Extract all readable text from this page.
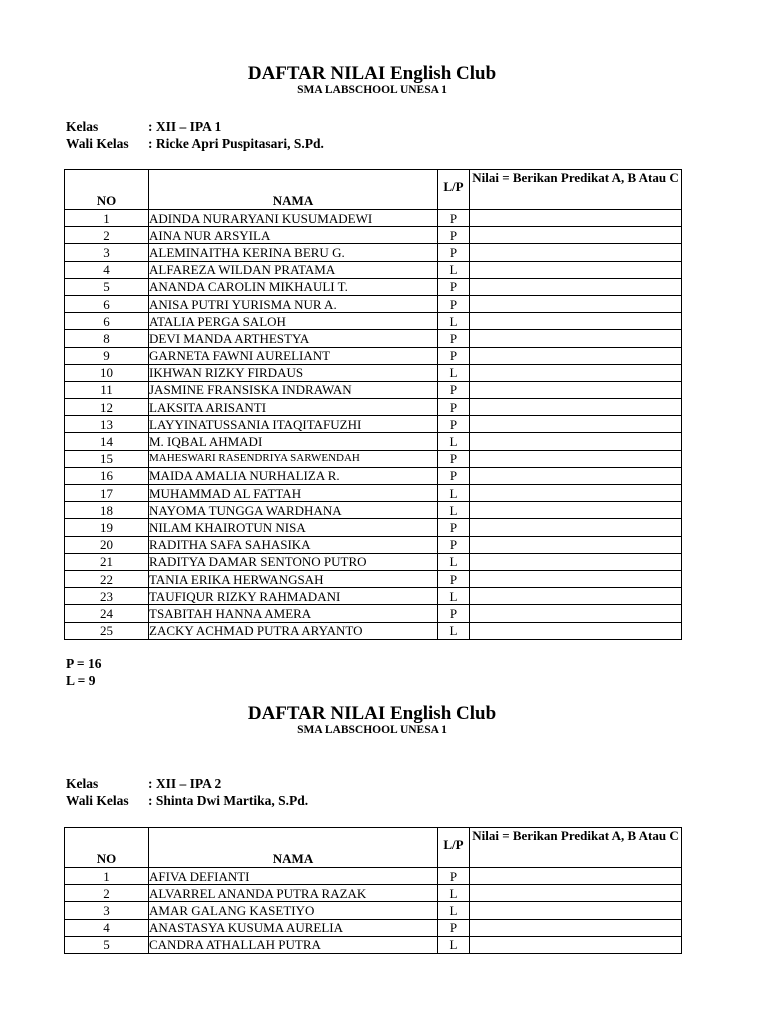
DAFTAR NILAI English Club
SMA LABSCHOOL UNESA 1
Kelas	: XII – IPA 1
Wali Kelas	: Ricke Apri Puspitasari, S.Pd.
NO	NAMA	L/P	Nilai = Berikan Predikat A, B Atau C
1	ADINDA NURARYANI KUSUMADEWI	P	
2	AINA NUR ARSYILA	P	
3	ALEMINAITHA KERINA BERU G.	P	
4	ALFAREZA WILDAN PRATAMA	L	
5	ANANDA CAROLIN MIKHAULI T.	P	
6	ANISA PUTRI YURISMA NUR A.	P	
6	ATALIA PERGA SALOH	L	
8	DEVI MANDA ARTHESTYA	P	
9	GARNETA FAWNI AURELIANT	P	
10	IKHWAN RIZKY FIRDAUS	L	
11	JASMINE FRANSISKA INDRAWAN	P	
12	LAKSITA ARISANTI	P	
13	LAYYINATUSSANIA ITAQITAFUZHI	P	
14	M. IQBAL AHMADI	L	
15	MAHESWARI RASENDRIYA SARWENDAH	P	
16	MAIDA AMALIA NURHALIZA R.	P	
17	MUHAMMAD AL FATTAH	L	
18	NAYOMA TUNGGA WARDHANA	L	
19	NILAM KHAIROTUN NISA	P	
20	RADITHA SAFA SAHASIKA	P	
21	RADITYA DAMAR SENTONO PUTRO	L	
22	TANIA ERIKA HERWANGSAH	P	
23	TAUFIQUR RIZKY RAHMADANI	L	
24	TSABITAH HANNA AMERA	P	
25	ZACKY ACHMAD PUTRA ARYANTO	L	
P = 16
L = 9
DAFTAR NILAI English Club
SMA LABSCHOOL UNESA 1
Kelas	: XII – IPA 2
Wali Kelas	: Shinta Dwi Martika, S.Pd.
NO	NAMA	L/P	Nilai = Berikan Predikat A, B Atau C
1	AFIVA DEFIANTI	P	
2	ALVARREL ANANDA PUTRA RAZAK	L	
3	AMAR GALANG KASETIYO	L	
4	ANASTASYA KUSUMA AURELIA	P	
5	CANDRA ATHALLAH PUTRA	L	
